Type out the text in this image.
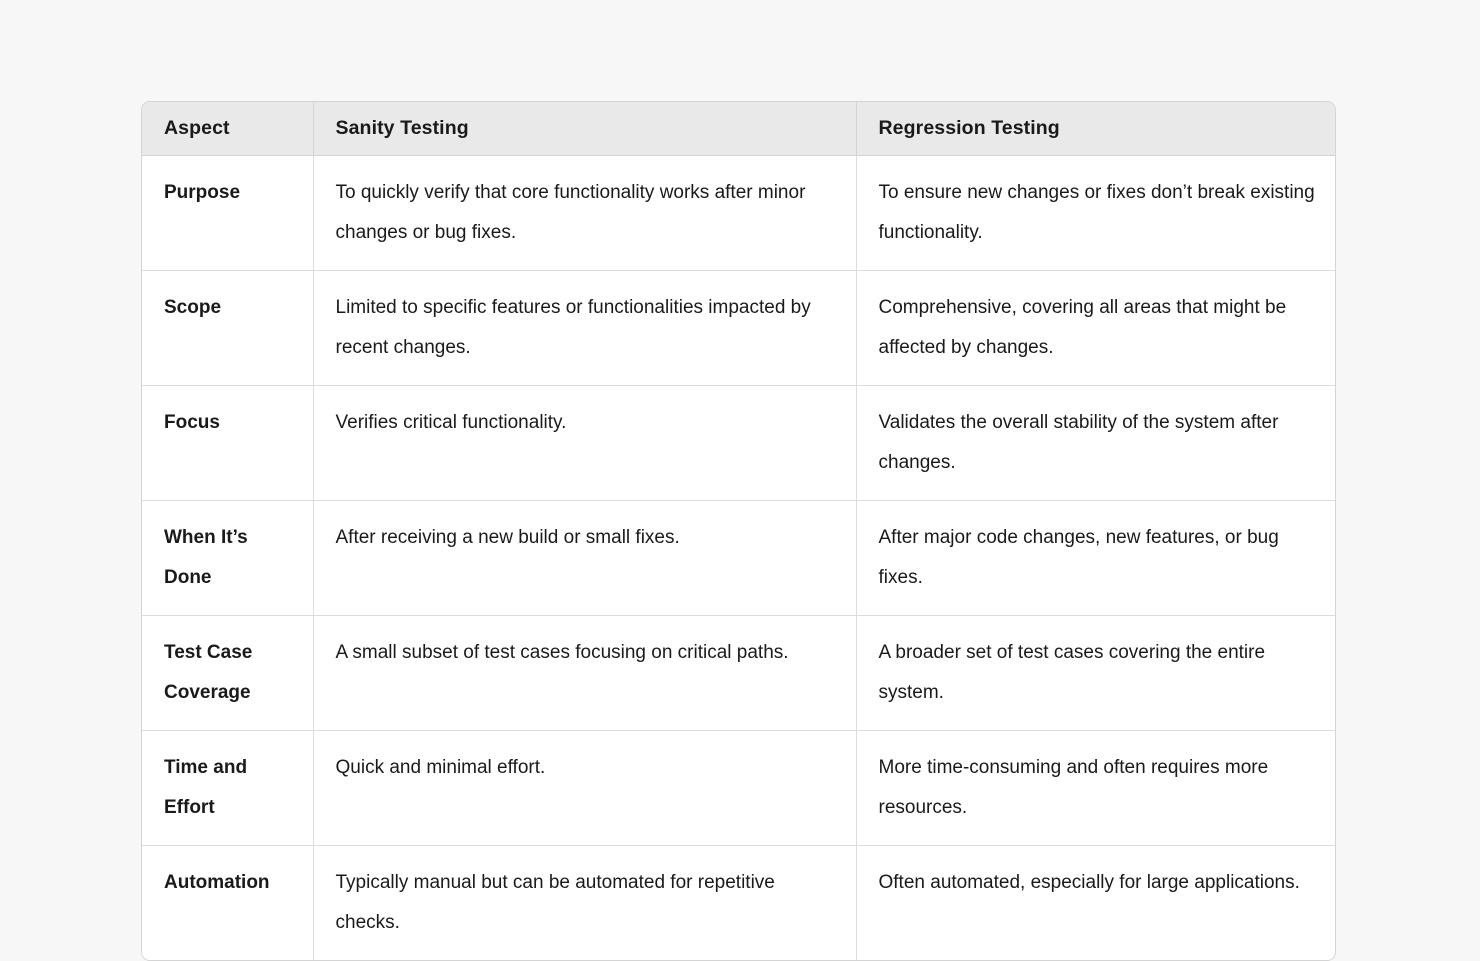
Aspect	Sanity Testing	Regression Testing
Purpose	To quickly verify that core functionality works after minor changes or bug fixes.	To ensure new changes or fixes don’t break existing functionality.
Scope	Limited to specific features or functionalities impacted by recent changes.	Comprehensive, covering all areas that might be affected by changes.
Focus	Verifies critical functionality.	Validates the overall stability of the system after changes.
When It’s Done	After receiving a new build or small fixes.	After major code changes, new features, or bug fixes.
Test Case Coverage	A small subset of test cases focusing on critical paths.	A broader set of test cases covering the entire system.
Time and Effort	Quick and minimal effort.	More time-consuming and often requires more resources.
Automation	Typically manual but can be automated for repetitive checks.	Often automated, especially for large applications.
